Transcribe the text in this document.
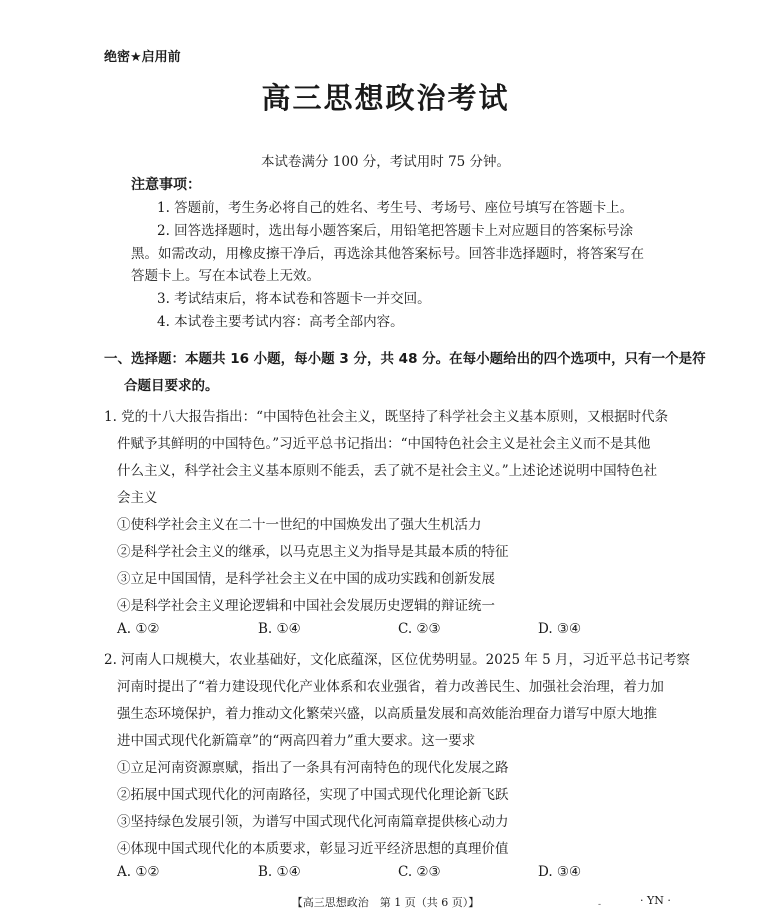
绝密★启用前
高三思想政治考试
本试卷满分 100 分，考试用时 75 分钟。
注意事项：
1. 答题前，考生务必将自己的姓名、考生号、考场号、座位号填写在答题卡上。
2. 回答选择题时，选出每小题答案后，用铅笔把答题卡上对应题目的答案标号涂
黑。如需改动，用橡皮擦干净后，再选涂其他答案标号。回答非选择题时，将答案写在
答题卡上。写在本试卷上无效。
3. 考试结束后，将本试卷和答题卡一并交回。
4. 本试卷主要考试内容：高考全部内容。
一、选择题：本题共 16 小题，每小题 3 分，共 48 分。在每小题给出的四个选项中，只有一个是符
合题目要求的。
1. 党的十八大报告指出：“中国特色社会主义，既坚持了科学社会主义基本原则，又根据时代条
件赋予其鲜明的中国特色。”习近平总书记指出：“中国特色社会主义是社会主义而不是其他
什么主义，科学社会主义基本原则不能丢，丢了就不是社会主义。”上述论述说明中国特色社
会主义
①使科学社会主义在二十一世纪的中国焕发出了强大生机活力
②是科学社会主义的继承，以马克思主义为指导是其最本质的特征
③立足中国国情，是科学社会主义在中国的成功实践和创新发展
④是科学社会主义理论逻辑和中国社会发展历史逻辑的辩证统一
A. ①②	B. ①④	C. ②③	D. ③④
2. 河南人口规模大，农业基础好，文化底蕴深，区位优势明显。2025 年 5 月，习近平总书记考察
河南时提出了“着力建设现代化产业体系和农业强省，着力改善民生、加强社会治理，着力加
强生态环境保护，着力推动文化繁荣兴盛，以高质量发展和高效能治理奋力谱写中原大地推
进中国式现代化新篇章”的“两高四着力”重大要求。这一要求
①立足河南资源禀赋，指出了一条具有河南特色的现代化发展之路
②拓展中国式现代化的河南路径，实现了中国式现代化理论新飞跃
③坚持绿色发展引领，为谱写中国式现代化河南篇章提供核心动力
④体现中国式现代化的本质要求，彰显习近平经济思想的真理价值
A. ①②	B. ①④	C. ②③	D. ③④
【高三思想政治　第 1 页（共 6 页）】	-	· YN ·
